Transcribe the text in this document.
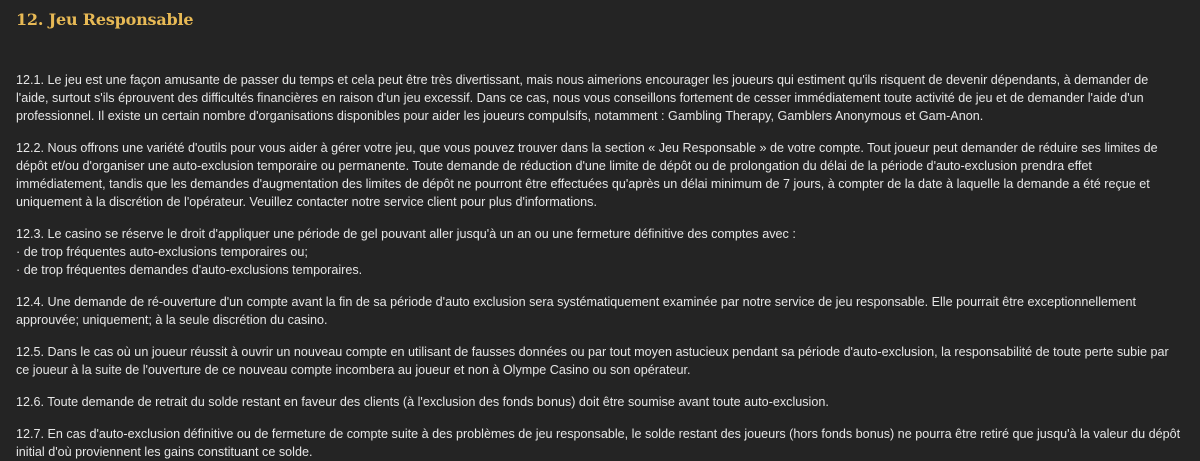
12. Jeu Responsable

12.1. Le jeu est une façon amusante de passer du temps et cela peut être très divertissant, mais nous aimerions encourager les joueurs qui estiment qu'ils risquent de devenir dépendants, à demander de l'aide, surtout s'ils éprouvent des difficultés financières en raison d'un jeu excessif. Dans ce cas, nous vous conseillons fortement de cesser immédiatement toute activité de jeu et de demander l'aide d'un professionnel. Il existe un certain nombre d'organisations disponibles pour aider les joueurs compulsifs, notamment : Gambling Therapy, Gamblers Anonymous et Gam-Anon.

12.2. Nous offrons une variété d'outils pour vous aider à gérer votre jeu, que vous pouvez trouver dans la section « Jeu Responsable » de votre compte. Tout joueur peut demander de réduire ses limites de dépôt et/ou d'organiser une auto-exclusion temporaire ou permanente. Toute demande de réduction d'une limite de dépôt ou de prolongation du délai de la période d'auto-exclusion prendra effet immédiatement, tandis que les demandes d'augmentation des limites de dépôt ne pourront être effectuées qu'après un délai minimum de 7 jours, à compter de la date à laquelle la demande a été reçue et uniquement à la discrétion de l'opérateur. Veuillez contacter notre service client pour plus d'informations.

12.3. Le casino se réserve le droit d'appliquer une période de gel pouvant aller jusqu'à un an ou une fermeture définitive des comptes avec :
· de trop fréquentes auto-exclusions temporaires ou;
· de trop fréquentes demandes d'auto-exclusions temporaires.

12.4. Une demande de ré-ouverture d'un compte avant la fin de sa période d'auto exclusion sera systématiquement examinée par notre service de jeu responsable. Elle pourrait être exceptionnellement approuvée; uniquement; à la seule discrétion du casino.

12.5. Dans le cas où un joueur réussit à ouvrir un nouveau compte en utilisant de fausses données ou par tout moyen astucieux pendant sa période d'auto-exclusion, la responsabilité de toute perte subie par ce joueur à la suite de l'ouverture de ce nouveau compte incombera au joueur et non à Olympe Casino ou son opérateur.

12.6. Toute demande de retrait du solde restant en faveur des clients (à l'exclusion des fonds bonus) doit être soumise avant toute auto-exclusion.

12.7. En cas d'auto-exclusion définitive ou de fermeture de compte suite à des problèmes de jeu responsable, le solde restant des joueurs (hors fonds bonus) ne pourra être retiré que jusqu'à la valeur du dépôt initial d'où proviennent les gains constituant ce solde.
